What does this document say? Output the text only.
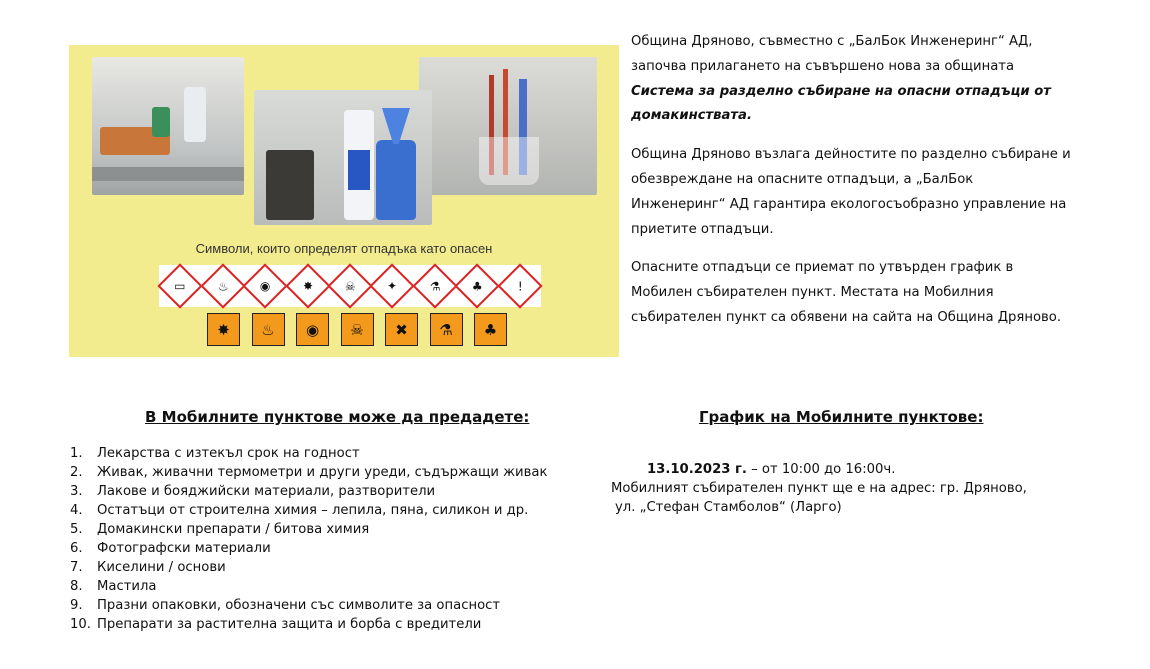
Символи, които определят отпадъка като опасен
▭	♨	◉	✸	☠	✦	⚗	♣	!
✸	♨	◉	☠	✖	⚗	♣

Община Дряново, съвместно с „БалБок Инженеринг“ АД, започва прилагането на съвършено нова за общината Система за разделно събиране на опасни отпадъци от домакинствата.

Община Дряново възлага дейностите по разделно събиране и обезвреждане на опасните отпадъци, а „БалБок Инженеринг“ АД гарантира екологосъобразно управление на приетите отпадъци.

Опасните отпадъци се приемат по утвърден график в Мобилен събирателен пункт. Местата на Мобилния събирателен пункт са обявени на сайта на Община Дряново.

В Мобилните пунктове може да предадете:	График на Мобилните пунктове:
1.	Лекарства с изтекъл срок на годност
2.	Живак, живачни термометри и други уреди, съдържащи живак
3.	Лакове и бояджийски материали, разтворители
4.	Остатъци от строителна химия – лепила, пяна, силикон и др.
5.	Домакински препарати / битова химия
6.	Фотографски материали
7.	Киселини / основи
8.	Мастила
9.	Празни опаковки, обозначени със символите за опасност
10. Препарати за растителна защита и борба с вредители
13.10.2023 г. – от 10:00 до 16:00ч.
Мобилният събирателен пункт ще е на адрес: гр. Дряново,
ул. „Стефан Стамболов“ (Ларго)
